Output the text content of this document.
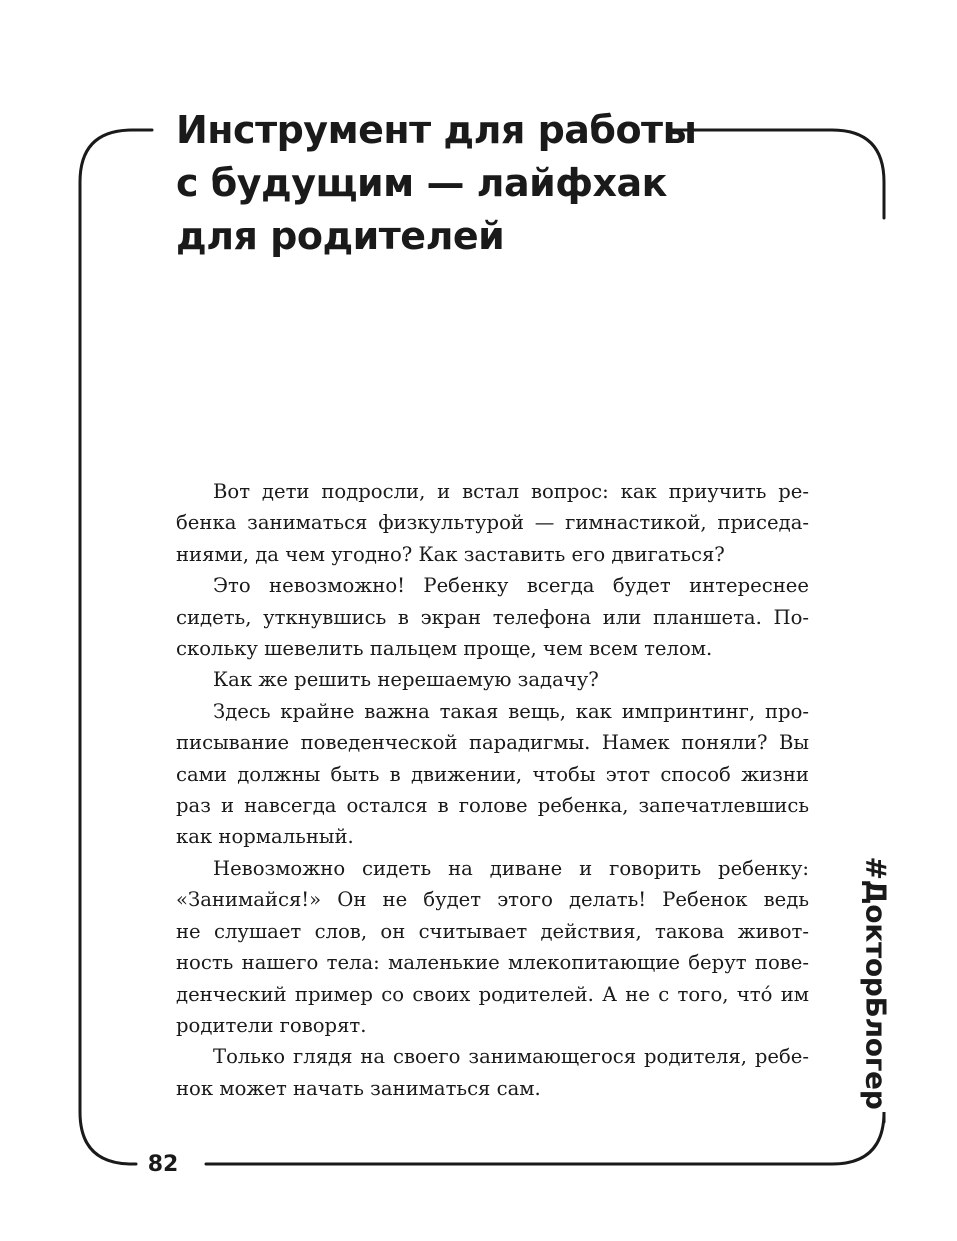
Инструмент для работы
с будущим — лайфхак
для родителей

Вот дети подросли, и встал вопрос: как приучить ре-
бенка заниматься физкультурой — гимнастикой, приседа-
ниями, да чем угодно? Как заставить его двигаться?

Это невозможно! Ребенку всегда будет интереснее
сидеть, уткнувшись в экран телефона или планшета. По-
скольку шевелить пальцем проще, чем всем телом.

Как же решить нерешаемую задачу?

Здесь крайне важна такая вещь, как импринтинг, про-
писывание поведенческой парадигмы. Намек поняли? Вы
сами должны быть в движении, чтобы этот способ жизни
раз и навсегда остался в голове ребенка, запечатлевшись
как нормальный.

Невозможно сидеть на диване и говорить ребенку:
«Занимайся!» Он не будет этого делать! Ребенок ведь
не слушает слов, он считывает действия, такова живот-
ность нашего тела: маленькие млекопитающие берут пове-
денческий пример со своих родителей. А не с того, что́ им
родители говорят.

Только глядя на своего занимающегося родителя, ребе-
нок может начать заниматься сам.	#ДокторБлогер
82
